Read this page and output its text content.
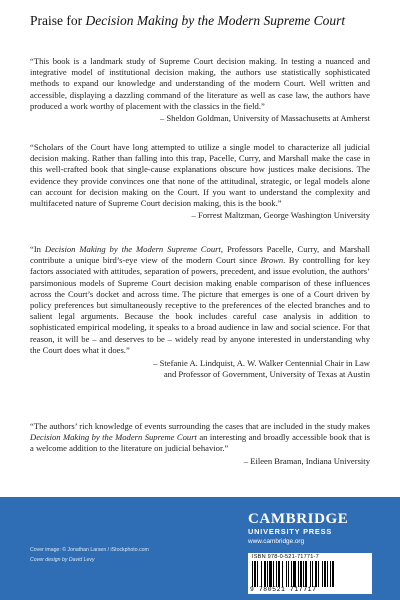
Praise for Decision Making by the Modern Supreme Court

“This book is a landmark study of Supreme Court decision making. In testing a nuanced and integrative model of institutional decision making, the authors use statistically sophisticated methods to expand our knowledge and understanding of the modern Court. Well written and accessible, displaying a dazzling command of the literature as well as case law, the authors have produced a work worthy of placement with the classics in the field.”

– Sheldon Goldman, University of Massachusetts at Amherst

“Scholars of the Court have long attempted to utilize a single model to characterize all judicial decision making. Rather than falling into this trap, Pacelle, Curry, and Marshall make the case in this well-crafted book that single-cause explanations obscure how justices make decisions. The evidence they provide convinces one that none of the attitudinal, strategic, or legal models alone can account for decision making on the Court. If you want to understand the complexity and multifaceted nature of Supreme Court decision making, this is the book.”

– Forrest Maltzman, George Washington University

“In Decision Making by the Modern Supreme Court, Professors Pacelle, Curry, and Marshall contribute a unique bird’s-eye view of the modern Court since Brown. By controlling for key factors associated with attitudes, separation of powers, precedent, and issue evolution, the authors’ parsimonious models of Supreme Court decision making enable comparison of these influences across the Court’s docket and across time. The picture that emerges is one of a Court driven by policy preferences but simultaneously receptive to the preferences of the elected branches and to salient legal arguments. Because the book includes careful case analysis in addition to sophisticated empirical modeling, it speaks to a broad audience in law and social science. For that reason, it will be – and deserves to be – widely read by anyone interested in understanding why the Court does what it does.”

– Stefanie A. Lindquist, A. W. Walker Centennial Chair in Law
and Professor of Government, University of Texas at Austin

“The authors’ rich knowledge of events surrounding the cases that are included in the study makes Decision Making by the Modern Supreme Court an interesting and broadly accessible book that is a welcome addition to the literature on judicial behavior.”

– Eileen Braman, Indiana University
Cover image: © Jonathan Larsen / iStockphoto.com
Cover design by David Levy
CAMBRIDGE
UNIVERSITY PRESS
www.cambridge.org
ISBN 978-0-521-71771-7
9 780521 717717
